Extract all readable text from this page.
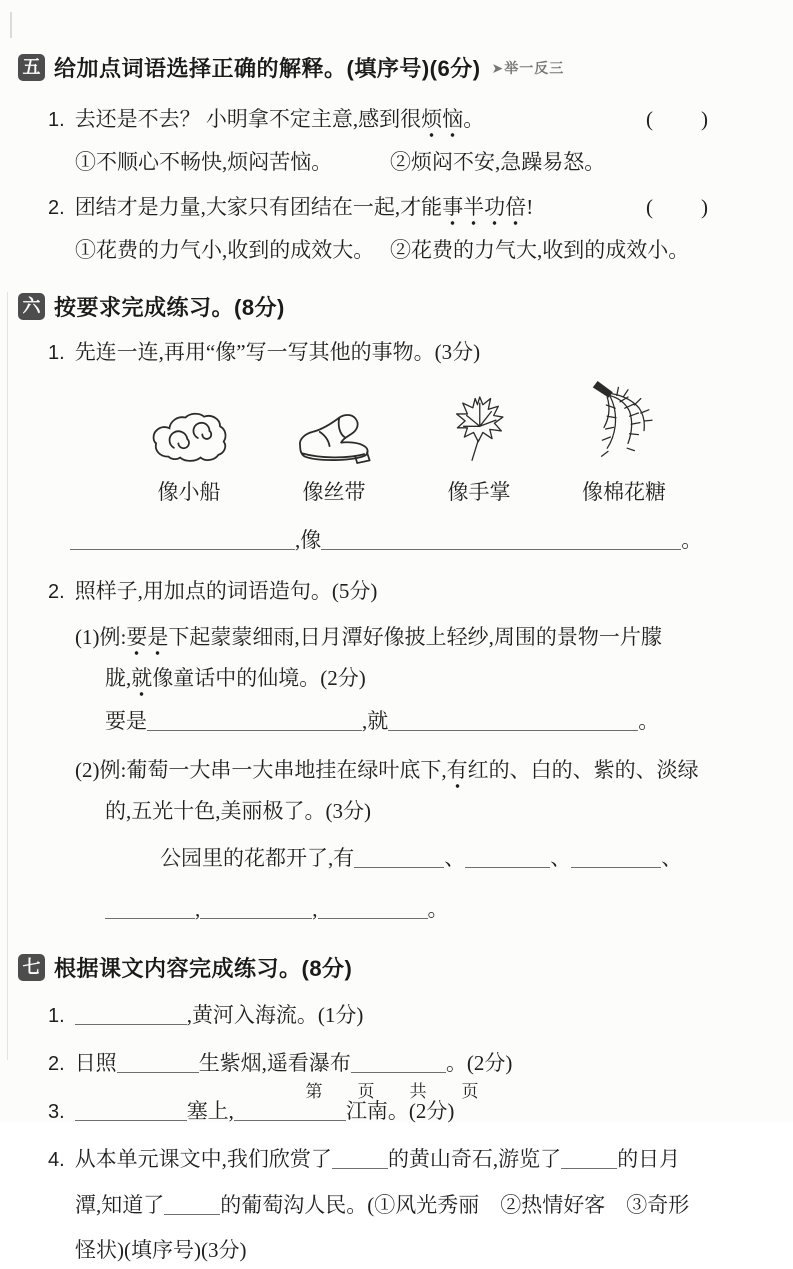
五 给加点词语选择正确的解释。(填序号)(6分) ➤举一反三
1. 去还是不去？ 小明拿不定主意,感到很烦恼。	(　　)
①不顺心不畅快,烦闷苦恼。	②烦闷不安,急躁易怒。
2. 团结才是力量,大家只有团结在一起,才能事半功倍!	(　　)
①花费的力气小,收到的成效大。 ②花费的力气大,收到的成效小。
六 按要求完成练习。(8分)
1. 先连一连,再用“像”写一写其他的事物。(3分)
像小船	像丝带	像手掌	像棉花糖
,像	。
2. 照样子,用加点的词语造句。(5分)
(1)例:要是下起蒙蒙细雨,日月潭好像披上轻纱,周围的景物一片朦
胧,就像童话中的仙境。(2分)
要是	,就	。
(2)例:葡萄一大串一大串地挂在绿叶底下,有红的、白的、紫的、淡绿
的,五光十色,美丽极了。(3分)
公园里的花都开了,有	、	、	、
,	,	。
七 根据课文内容完成练习。(8分)
1.	,黄河入海流。(1分)
2. 日照	生紫烟,遥看瀑布	。(2分)
3.	塞上,	江南。(2分)
4. 从本单元课文中,我们欣赏了	的黄山奇石,游览了	的日月
潭,知道了	的葡萄沟人民。(①风光秀丽　②热情好客　③奇形
怪状)(填序号)(3分)
第　页　共　页
